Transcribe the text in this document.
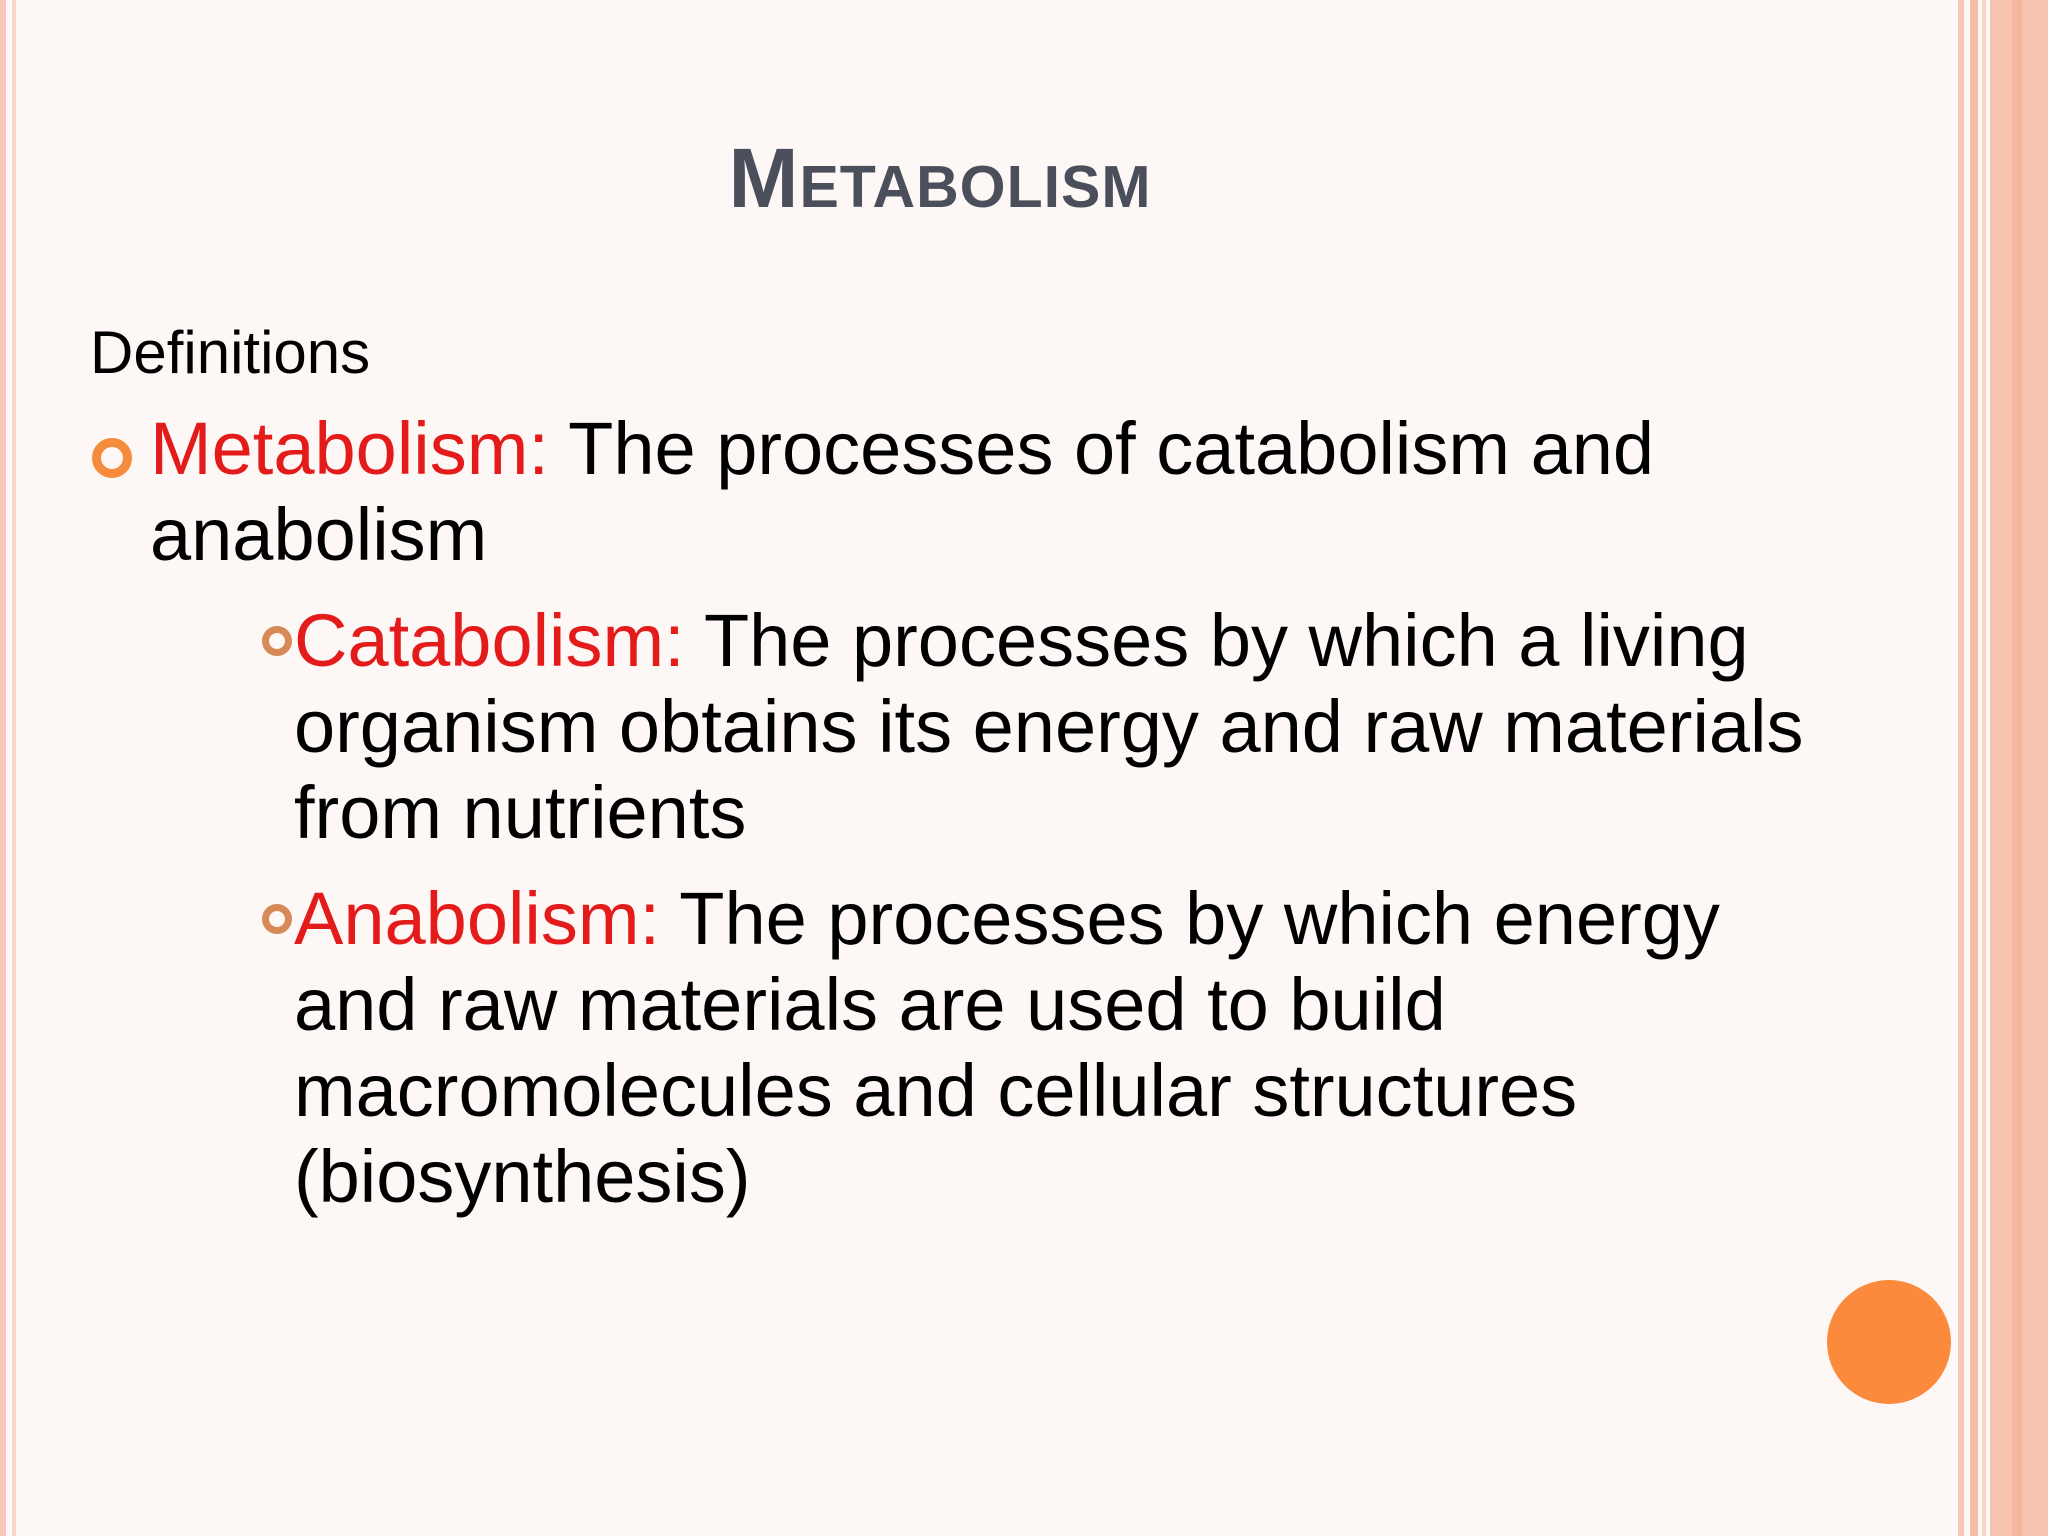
Metabolism
Definitions
Metabolism: The processes of catabolism and anabolism
Catabolism: The processes by which a living organism obtains its energy and raw materials from nutrients
Anabolism: The processes by which energy and raw materials are used to build macromolecules and cellular structures (biosynthesis)
